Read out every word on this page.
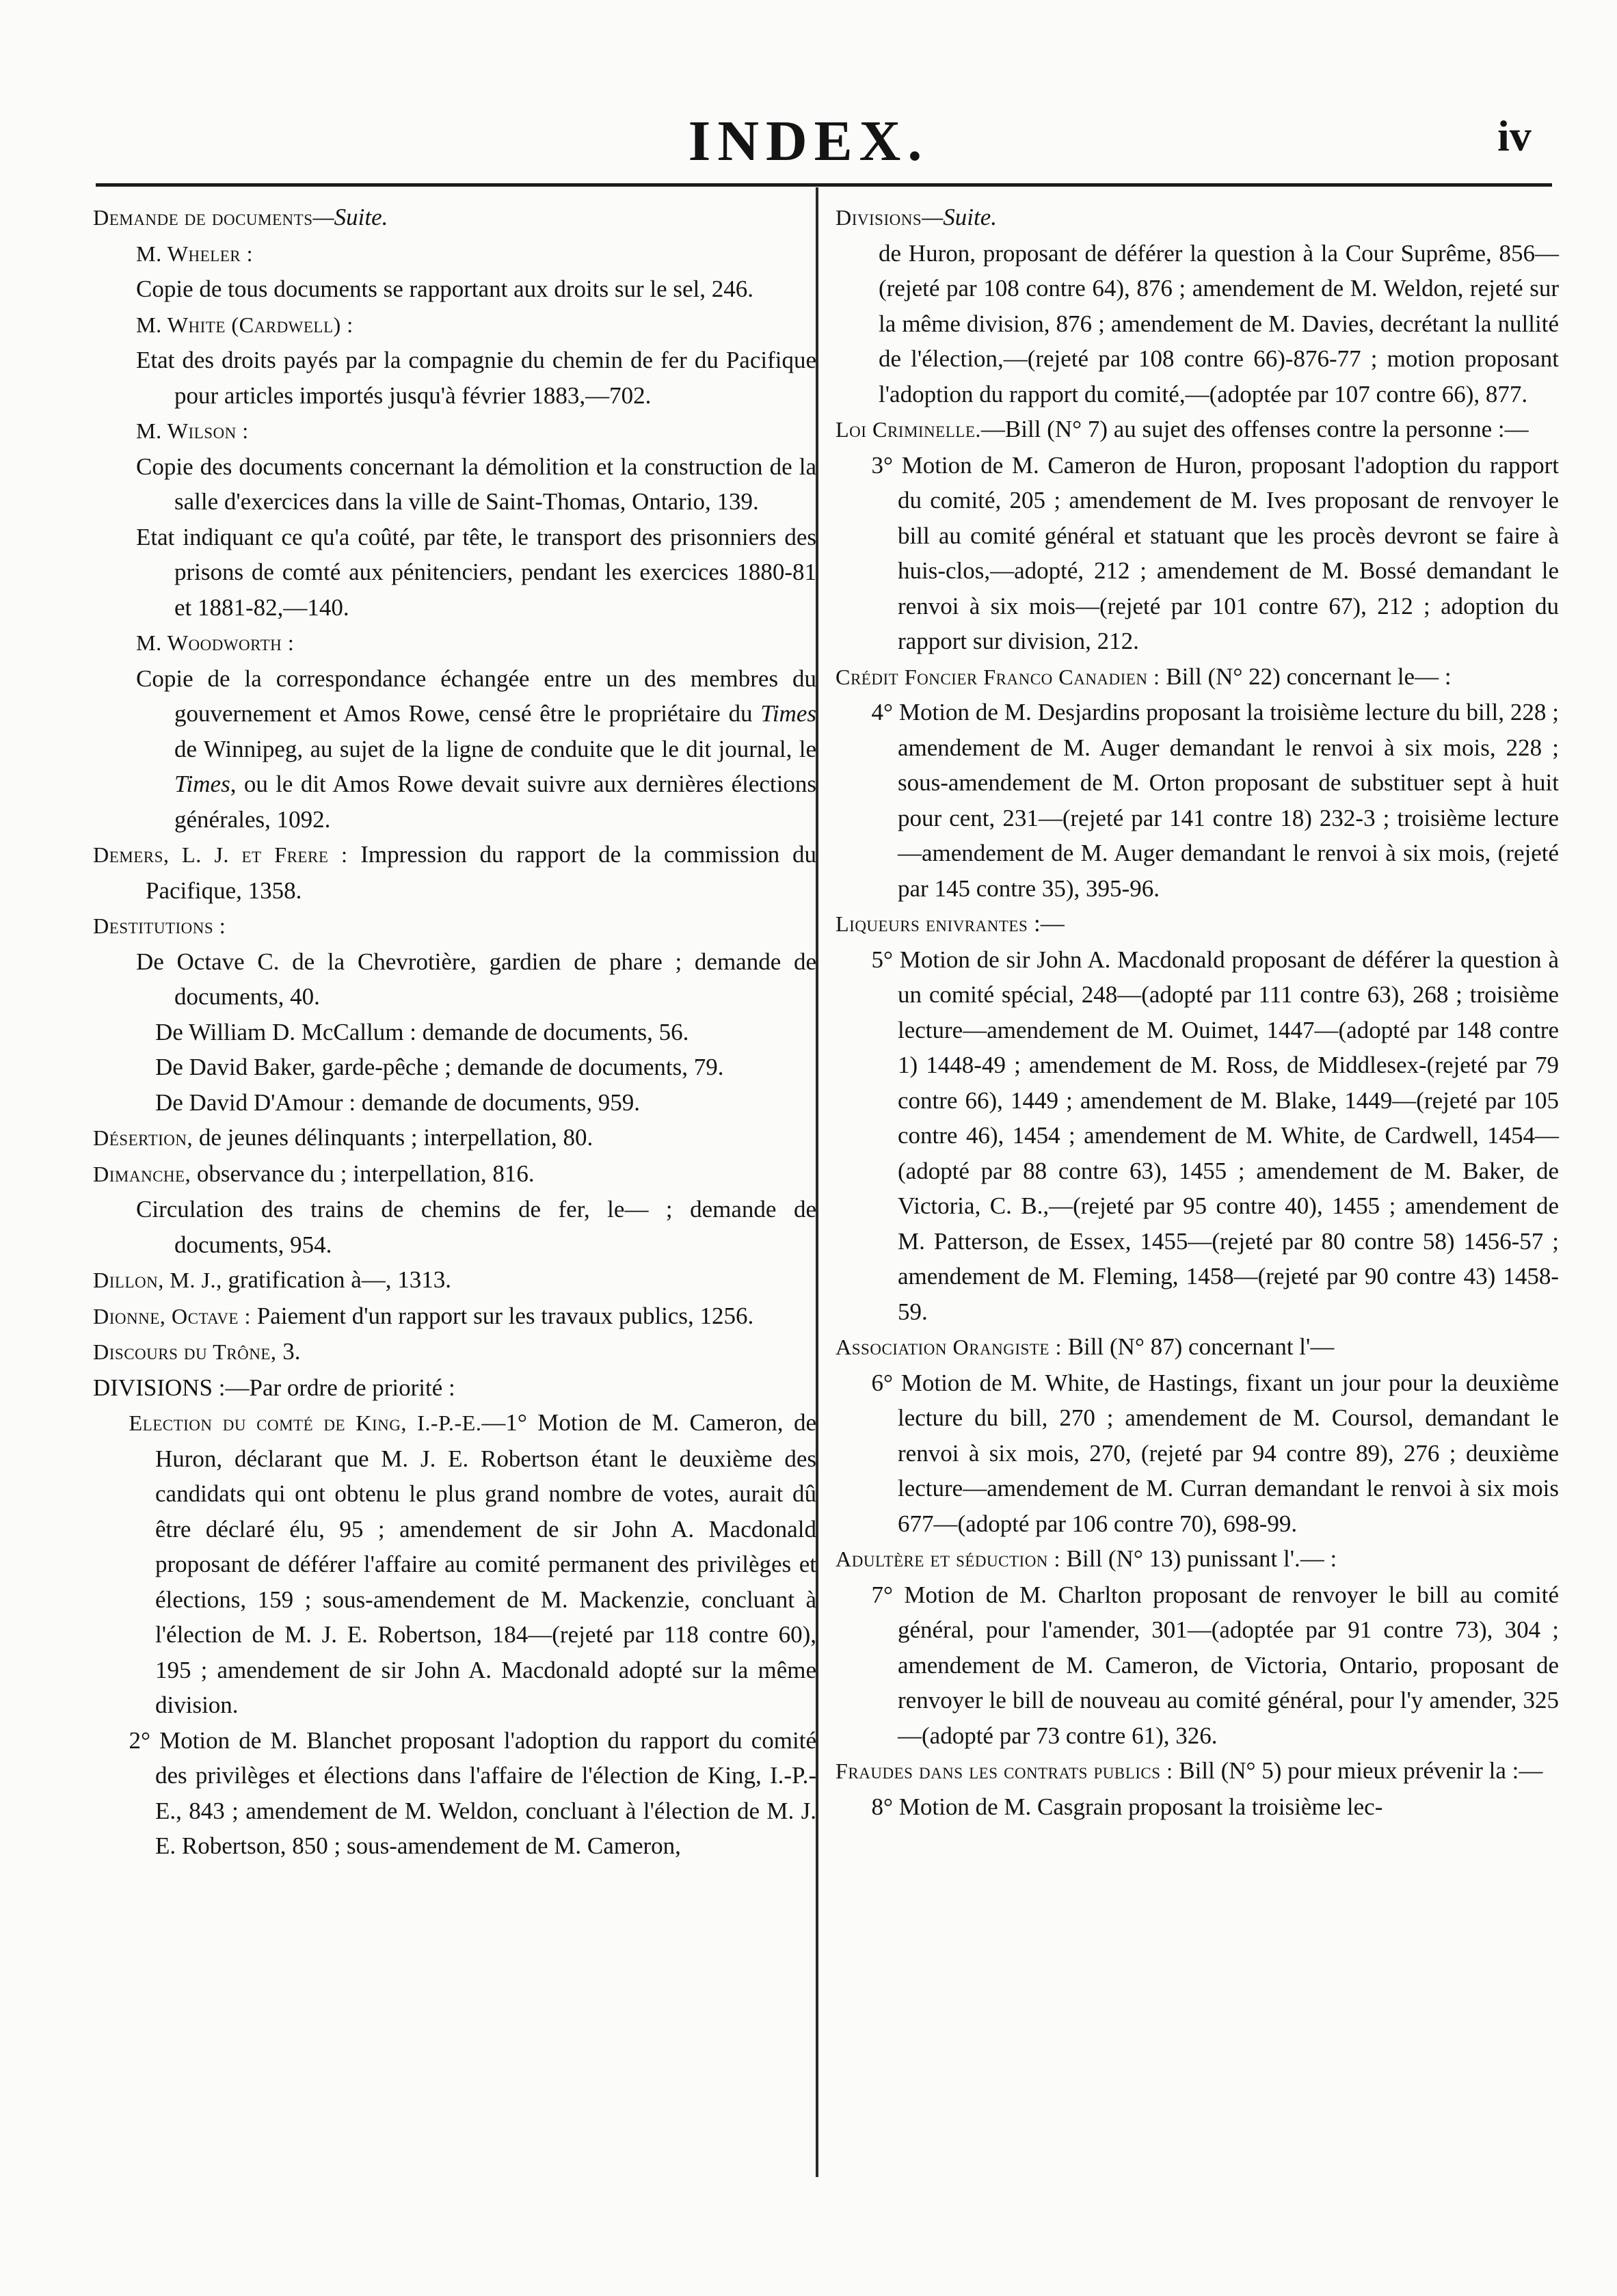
INDEX.	iv

Demande de documents—Suite.

M. Wheler :

Copie de tous documents se rapportant aux droits sur le sel, 246.

M. White (Cardwell) :

Etat des droits payés par la compagnie du chemin de fer du Pacifique pour articles importés jusqu'à février 1883,—702.

M. Wilson :

Copie des documents concernant la démolition et la construction de la salle d'exercices dans la ville de Saint-Thomas, Ontario, 139.

Etat indiquant ce qu'a coûté, par tête, le transport des prisonniers des prisons de comté aux pénitenciers, pendant les exercices 1880-81 et 1881-82,—140.

M. Woodworth :

Copie de la correspondance échangée entre un des membres du gouvernement et Amos Rowe, censé être le propriétaire du Times de Winnipeg, au sujet de la ligne de conduite que le dit journal, le Times, ou le dit Amos Rowe devait suivre aux dernières élections générales, 1092.

Demers, L. J. et Frere : Impression du rapport de la commission du Pacifique, 1358.

Destitutions :

De Octave C. de la Chevrotière, gardien de phare ; demande de documents, 40.

De William D. McCallum : demande de documents, 56.

De David Baker, garde-pêche ; demande de documents, 79.

De David D'Amour : demande de documents, 959.

Désertion, de jeunes délinquants ; interpellation, 80.

Dimanche, observance du ; interpellation, 816.

Circulation des trains de chemins de fer, le— ; demande de documents, 954.

Dillon, M. J., gratification à—, 1313.

Dionne, Octave : Paiement d'un rapport sur les travaux publics, 1256.

Discours du Trône, 3.

DIVISIONS :—Par ordre de priorité :

Election du comté de King, I.-P.-E.—1° Motion de M. Cameron, de Huron, déclarant que M. J. E. Robertson étant le deuxième des candidats qui ont obtenu le plus grand nombre de votes, aurait dû être déclaré élu, 95 ; amendement de sir John A. Macdonald proposant de déférer l'affaire au comité permanent des privilèges et élections, 159 ; sous-amendement de M. Mackenzie, concluant à l'élection de M. J. E. Robertson, 184—(rejeté par 118 contre 60), 195 ; amendement de sir John A. Macdonald adopté sur la même division.

2° Motion de M. Blanchet proposant l'adoption du rapport du comité des privilèges et élections dans l'affaire de l'élection de King, I.-P.-E., 843 ; amendement de M. Weldon, concluant à l'élection de M. J. E. Robertson, 850 ; sous-amendement de M. Cameron,

Divisions—Suite.

de Huron, proposant de déférer la question à la Cour Suprême, 856—(rejeté par 108 contre 64), 876 ; amendement de M. Weldon, rejeté sur la même division, 876 ; amendement de M. Davies, decrétant la nullité de l'élection,—(rejeté par 108 contre 66)-876-77 ; motion proposant l'adoption du rapport du comité,—(adoptée par 107 contre 66), 877.

Loi Criminelle.—Bill (N° 7) au sujet des offenses contre la personne :—

3° Motion de M. Cameron de Huron, proposant l'adoption du rapport du comité, 205 ; amendement de M. Ives proposant de renvoyer le bill au comité général et statuant que les procès devront se faire à huis-clos,—adopté, 212 ; amendement de M. Bossé demandant le renvoi à six mois—(rejeté par 101 contre 67), 212 ; adoption du rapport sur division, 212.

Crédit Foncier Franco Canadien : Bill (N° 22) concernant le— :

4° Motion de M. Desjardins proposant la troisième lecture du bill, 228 ; amendement de M. Auger demandant le renvoi à six mois, 228 ; sous-amendement de M. Orton proposant de substituer sept à huit pour cent, 231—(rejeté par 141 contre 18) 232-3 ; troisième lecture—amendement de M. Auger demandant le renvoi à six mois, (rejeté par 145 contre 35), 395-96.

Liqueurs enivrantes :—

5° Motion de sir John A. Macdonald proposant de déférer la question à un comité spécial, 248—(adopté par 111 contre 63), 268 ; troisième lecture—amendement de M. Ouimet, 1447—(adopté par 148 contre 1) 1448-49 ; amendement de M. Ross, de Middlesex-(rejeté par 79 contre 66), 1449 ; amendement de M. Blake, 1449—(rejeté par 105 contre 46), 1454 ; amendement de M. White, de Cardwell, 1454—(adopté par 88 contre 63), 1455 ; amendement de M. Baker, de Victoria, C. B.,—(rejeté par 95 contre 40), 1455 ; amendement de M. Patterson, de Essex, 1455—(rejeté par 80 contre 58) 1456-57 ; amendement de M. Fleming, 1458—(rejeté par 90 contre 43) 1458-59.

Association Orangiste : Bill (N° 87) concernant l'—

6° Motion de M. White, de Hastings, fixant un jour pour la deuxième lecture du bill, 270 ; amendement de M. Coursol, demandant le renvoi à six mois, 270, (rejeté par 94 contre 89), 276 ; deuxième lecture—amendement de M. Curran demandant le renvoi à six mois 677—(adopté par 106 contre 70), 698-99.

Adultère et séduction : Bill (N° 13) punissant l'.— :

7° Motion de M. Charlton proposant de renvoyer le bill au comité général, pour l'amender, 301—(adoptée par 91 contre 73), 304 ; amendement de M. Cameron, de Victoria, Ontario, proposant de renvoyer le bill de nouveau au comité général, pour l'y amender, 325—(adopté par 73 contre 61), 326.

Fraudes dans les contrats publics : Bill (N° 5) pour mieux prévenir la :—

8° Motion de M. Casgrain proposant la troisième lec-
